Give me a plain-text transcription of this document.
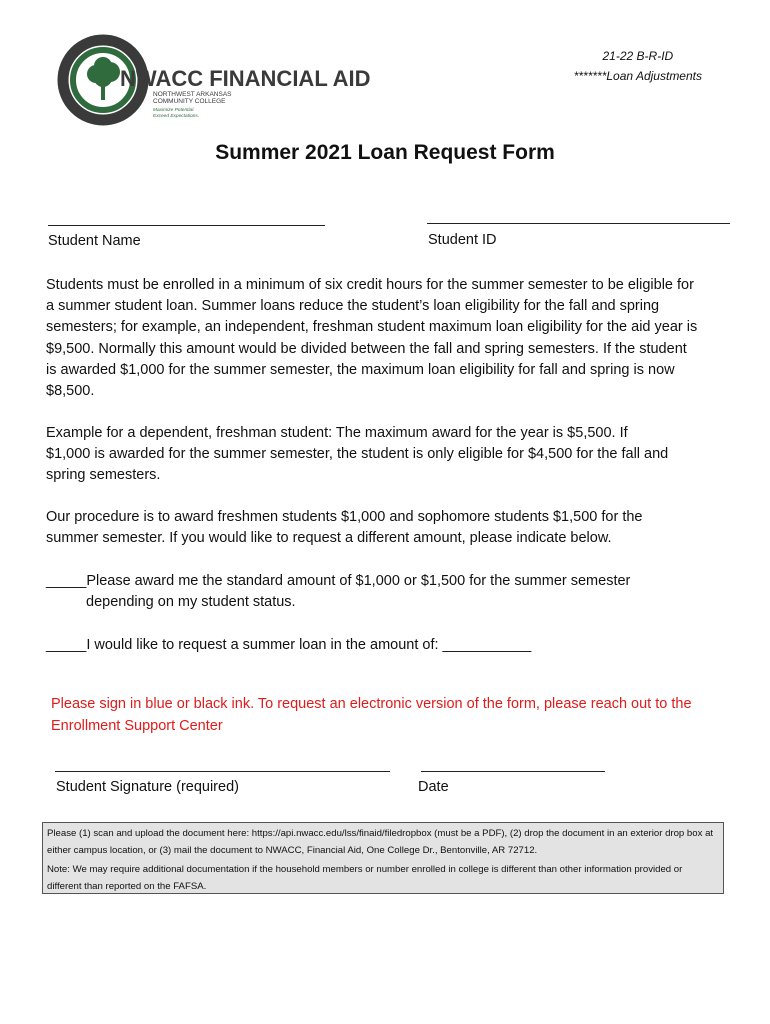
NWACC FINANCIAL AID
NORTHWEST ARKANSAS
COMMUNITY COLLEGE
Maximize Potential.
Exceed Expectations.
21-22 B-R-ID
*******Loan Adjustments
Summer 2021 Loan Request Form
Student Name	Student ID

Students must be enrolled in a minimum of six credit hours for the summer semester to be eligible for a summer student loan. Summer loans reduce the student’s loan eligibility for the fall and spring semesters; for example, an independent, freshman student maximum loan eligibility for the aid year is $9,500. Normally this amount would be divided between the fall and spring semesters. If the student is awarded $1,000 for the summer semester, the maximum loan eligibility for fall and spring is now $8,500.

Example for a dependent, freshman student: The maximum award for the year is $5,500. If $1,000 is awarded for the summer semester, the student is only eligible for $4,500 for the fall and spring semesters.

Our procedure is to award freshmen students $1,000 and sophomore students $1,500 for the summer semester. If you would like to request a different amount, please indicate below.

_____Please award me the standard amount of $1,000 or $1,500 for the summer semester
depending on my student status.
_____I would like to request a summer loan in the amount of: ___________
Please sign in blue or black ink. To request an electronic version of the form, please reach out to the Enrollment Support Center
Student Signature (required)	Date

Please (1) scan and upload the document here: https://api.nwacc.edu/lss/finaid/filedropbox (must be a PDF), (2) drop the document in an exterior drop box at either campus location, or (3) mail the document to NWACC, Financial Aid, One College Dr., Bentonville, AR 72712.

Note: We may require additional documentation if the household members or number enrolled in college is different than other information provided or different than reported on the FAFSA.
